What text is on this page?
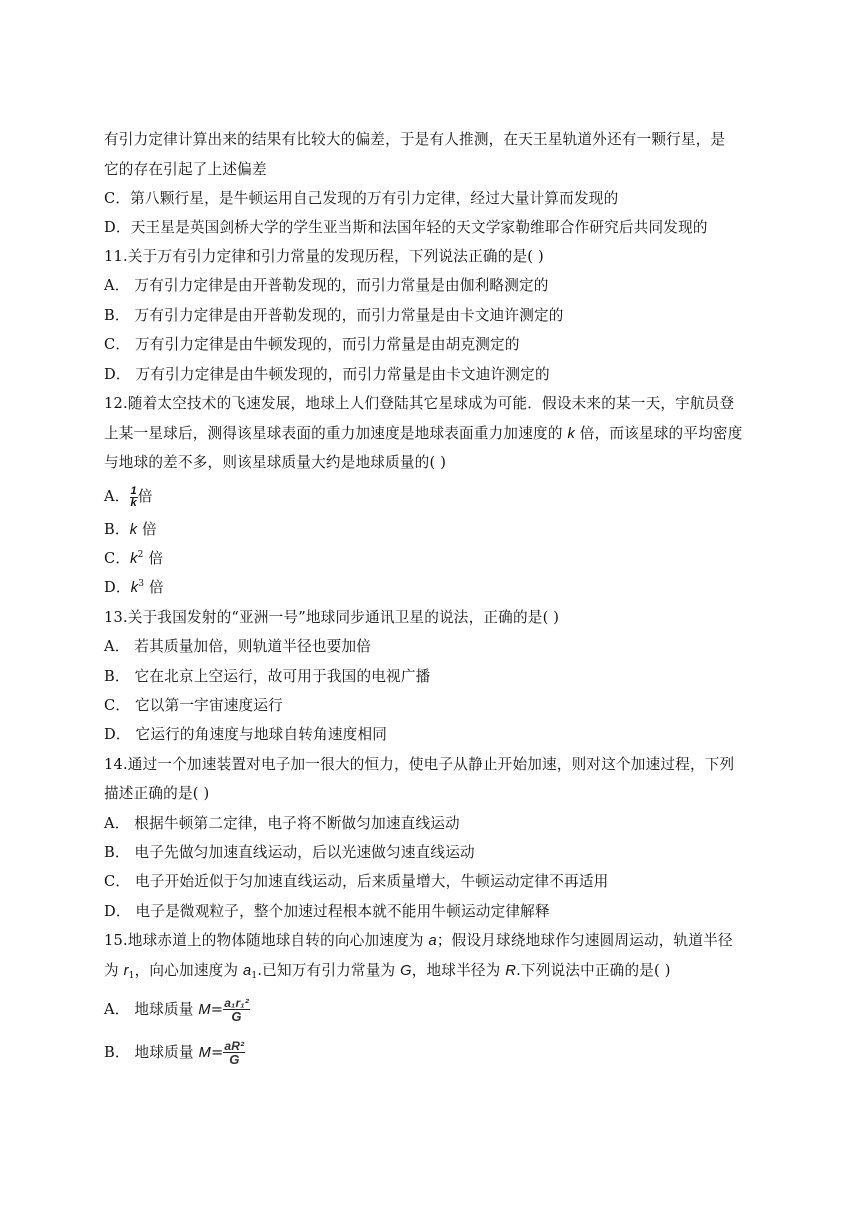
有引力定律计算出来的结果有比较大的偏差，于是有人推测，在天王星轨道外还有一颗行星，是
它的存在引起了上述偏差
C．第八颗行星，是牛顿运用自己发现的万有引力定律，经过大量计算而发现的
D．天王星是英国剑桥大学的学生亚当斯和法国年轻的天文学家勒维耶合作研究后共同发现的
11.关于万有引力定律和引力常量的发现历程，下列说法正确的是( )
A． 万有引力定律是由开普勒发现的，而引力常量是由伽利略测定的
B． 万有引力定律是由开普勒发现的，而引力常量是由卡文迪许测定的
C． 万有引力定律是由牛顿发现的，而引力常量是由胡克测定的
D． 万有引力定律是由牛顿发现的，而引力常量是由卡文迪许测定的
12.随着太空技术的飞速发展，地球上人们登陆其它星球成为可能．假设未来的某一天，宇航员登
上某一星球后，测得该星球表面的重力加速度是地球表面重力加速度的 k 倍，而该星球的平均密度
与地球的差不多，则该星球质量大约是地球质量的( )
A． $\frac{1}{k}$ 倍
B．k 倍
C．$k^2$ 倍
D．$k^3$ 倍
13.关于我国发射的“亚洲一号”地球同步通讯卫星的说法，正确的是( )
A． 若其质量加倍，则轨道半径也要加倍
B． 它在北京上空运行，故可用于我国的电视广播
C． 它以第一宇宙速度运行
D． 它运行的角速度与地球自转角速度相同
14.通过一个加速装置对电子加一很大的恒力，使电子从静止开始加速，则对这个加速过程，下列
描述正确的是( )
A． 根据牛顿第二定律，电子将不断做匀加速直线运动
B． 电子先做匀加速直线运动，后以光速做匀速直线运动
C． 电子开始近似于匀加速直线运动，后来质量增大，牛顿运动定律不再适用
D． 电子是微观粒子，整个加速过程根本就不能用牛顿运动定律解释
15.地球赤道上的物体随地球自转的向心加速度为 a；假设月球绕地球作匀速圆周运动，轨道半径
为 $r_1$，向心加速度为 $a_1$.已知万有引力常量为 G，地球半径为 R.下列说法中正确的是( )
A． 地球质量 $M= \frac{\text{a₁r₁²}}{G}$
B． 地球质量 $M= \frac{\text{aR²}}{G}$
